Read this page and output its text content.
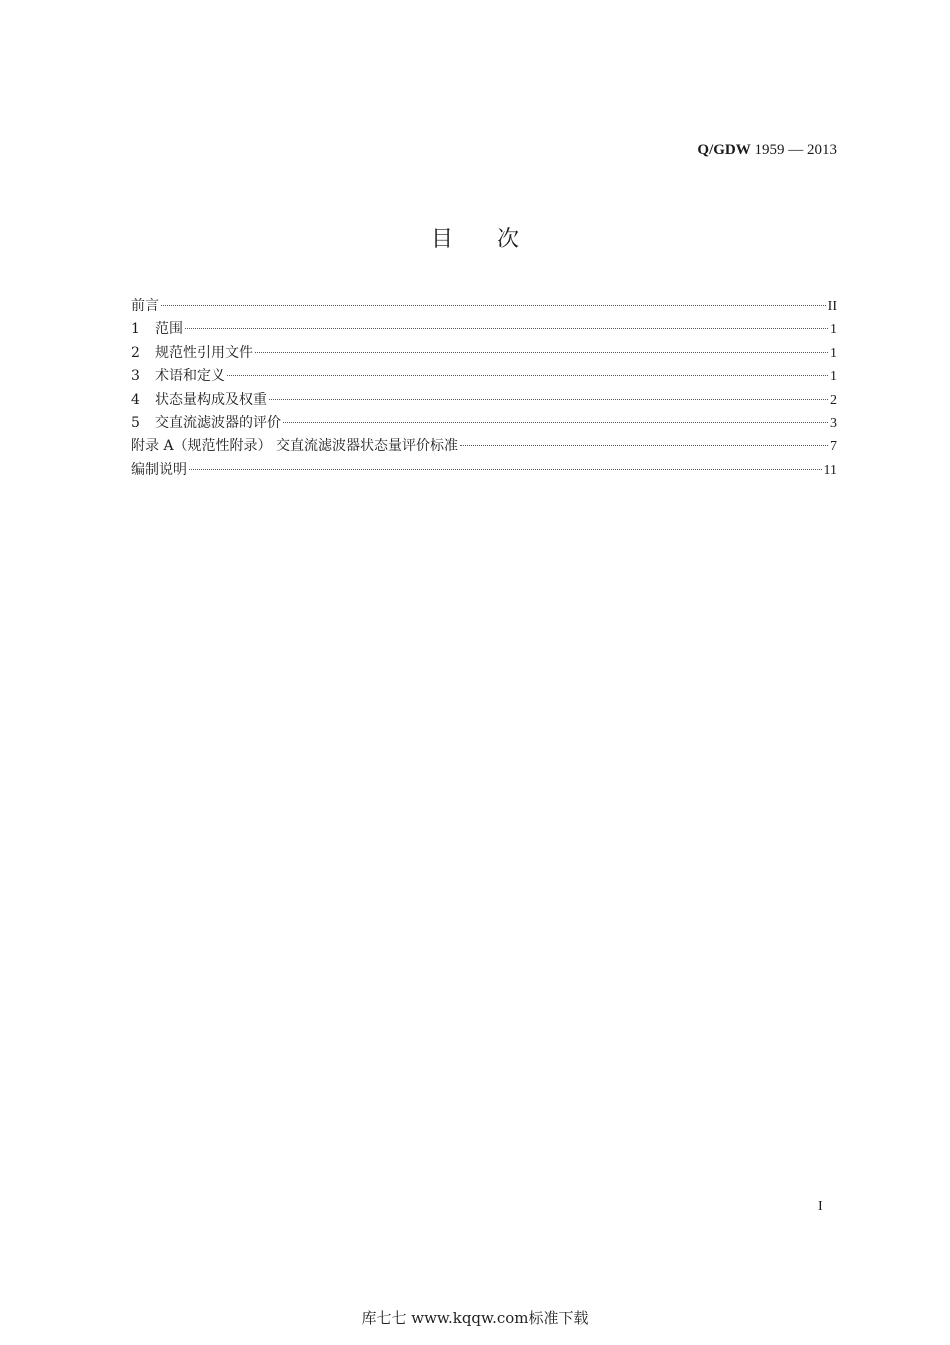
Q/GDW 1959 — 2013
目次
前言	II
1	范围	1
2	规范性引用文件	1
3	术语和定义	1
4	状态量构成及权重	2
5	交直流滤波器的评价	3
附录 A（规范性附录） 交直流滤波器状态量评价标准	7
编制说明	11
I
库七七 www.kqqw.com标准下载
